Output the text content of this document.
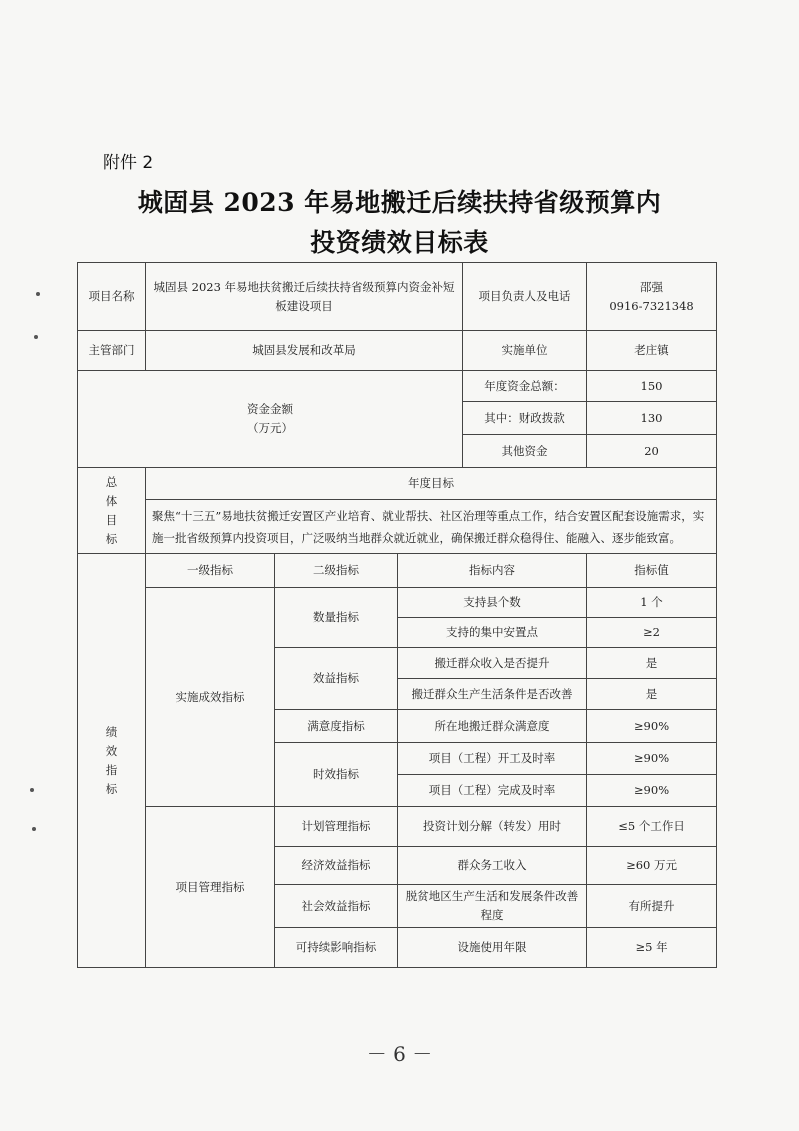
附件 2
城固县 2023 年易地搬迁后续扶持省级预算内
投资绩效目标表
项目名称	城固县 2023 年易地扶贫搬迁后续扶持省级预算内资金补短板建设项目			项目负责人及电话	邵强
0916-7321348

主管部门	城固县发展和改革局			实施单位	老庄镇

资金金额
（万元）				年度资金总额：	150
				其中：财政拨款	130
				其他资金	20

总
体
目
标	年度目标				
	聚焦“十三五”易地扶贫搬迁安置区产业培育、就业帮扶、社区治理等重点工作，结合安置区配套设施需求，实施一批省级预算内投资项目，广泛吸纳当地群众就近就业，确保搬迁群众稳得住、能融入、逐步能致富。				

绩
效
指
标	一级指标	二级指标	指标内容		指标值
	实施成效指标	数量指标	支持县个数		1 个
			支持的集中安置点		≥2
		效益指标	搬迁群众收入是否提升		是
			搬迁群众生产生活条件是否改善		是
		满意度指标	所在地搬迁群众满意度		≥90%
		时效指标	项目（工程）开工及时率		≥90%
			项目（工程）完成及时率		≥90%
	项目管理指标	计划管理指标	投资计划分解（转发）用时		≤5 个工作日
		经济效益指标	群众务工收入		≥60 万元
		社会效益指标	脱贫地区生产生活和发展条件改善程度		有所提升
		可持续影响指标	设施使用年限		≥5 年
－ 6 －
